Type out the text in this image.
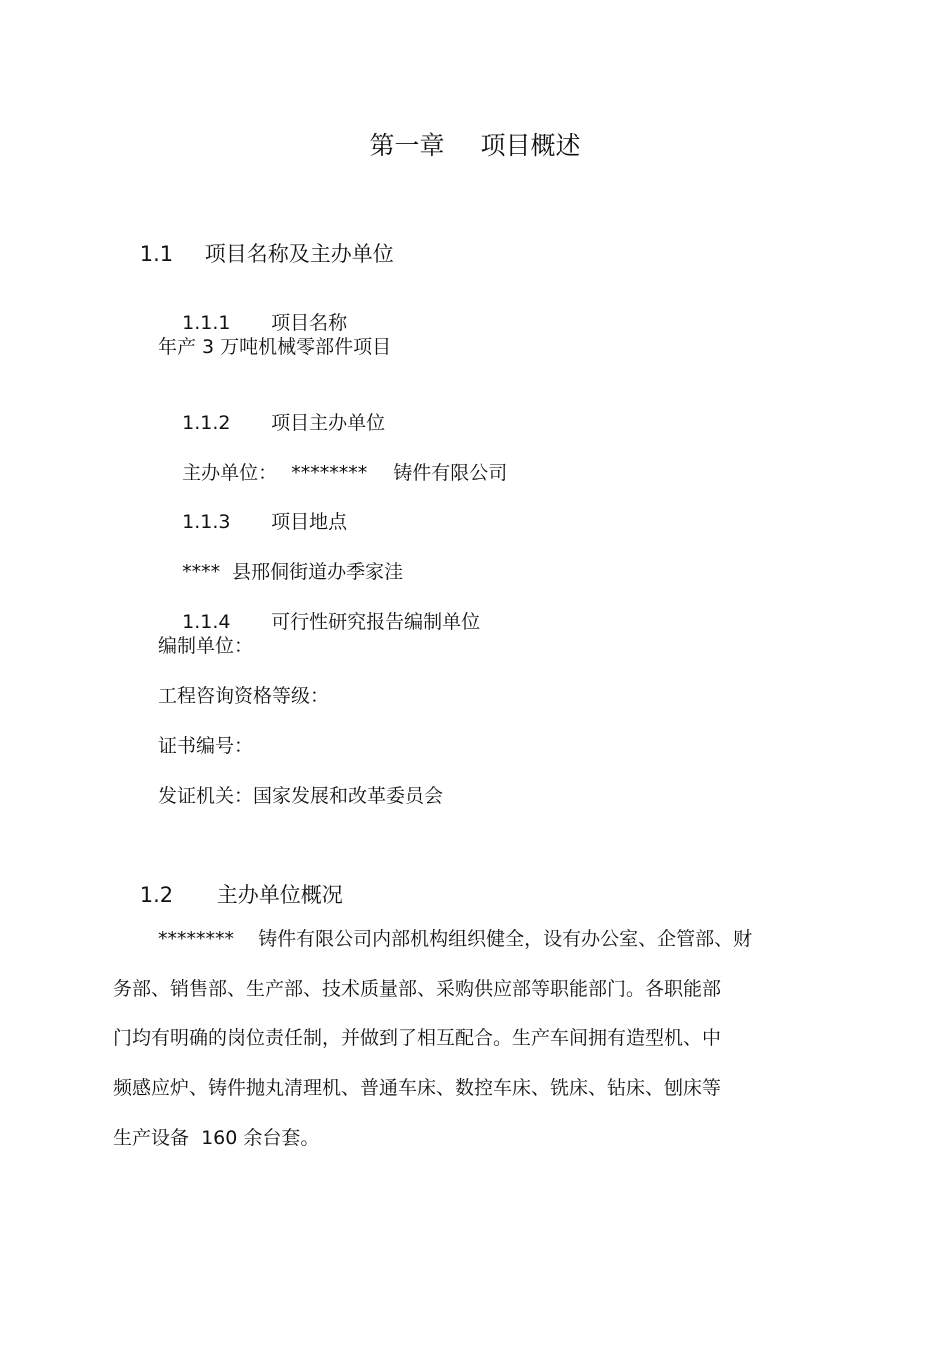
第一章 项目概述

1.1 项目名称及主办单位

1.1.1 项目名称

年产 3 万吨机械零部件项目

1.1.2 项目主办单位

主办单位： ******** 铸件有限公司

1.1.3 项目地点

**** 县邢侗街道办季家洼

1.1.4 可行性研究报告编制单位

编制单位：
工程咨询资格等级：
证书编号：
发证机关：国家发展和改革委员会

1.2 主办单位概况

********    铸件有限公司内部机构组织健全，设有办公室、企管部、财
务部、销售部、生产部、技术质量部、采购供应部等职能部门。各职能部
门均有明确的岗位责任制，并做到了相互配合。生产车间拥有造型机、中
频感应炉、铸件抛丸清理机、普通车床、数控车床、铣床、钻床、刨床等
生产设备  160 余台套。
